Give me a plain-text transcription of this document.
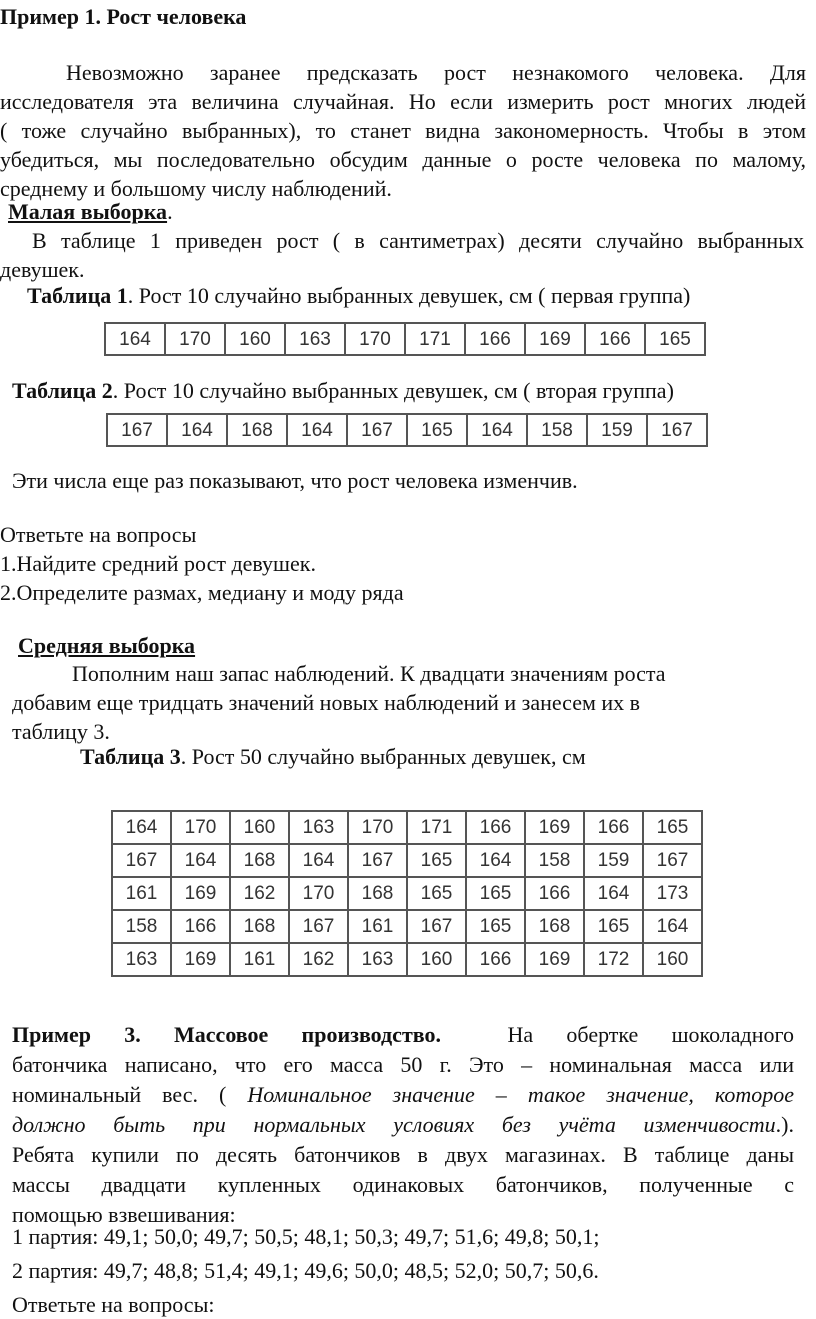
Пример 1. Рост человека
Невозможно заранее предсказать рост незнакомого человека. Для
исследователя эта величина случайная. Но если измерить рост многих людей
( тоже случайно выбранных), то станет видна закономерность. Чтобы в этом
убедиться, мы последовательно обсудим данные о росте человека по малому,
среднему и большому числу наблюдений.
Малая выборка.
В таблице 1 приведен рост ( в сантиметрах) десяти случайно выбранных
девушек.
Таблица 1. Рост 10 случайно выбранных девушек, см ( первая группа)
164	170	160	163	170	171	166	169	166	165
Таблица 2. Рост 10 случайно выбранных девушек, см ( вторая группа)
167	164	168	164	167	165	164	158	159	167
Эти числа еще раз показывают, что рост человека изменчив.
Ответьте на вопросы
1.Найдите средний рост девушек.
2.Определите размах, медиану и моду ряда
Средняя выборка
Пополним наш запас наблюдений. К двадцати значениям роста
добавим еще тридцать значений новых наблюдений и занесем их в
таблицу 3.
Таблица 3. Рост 50 случайно выбранных девушек, см
164	170	160	163	170	171	166	169	166	165
167	164	168	164	167	165	164	158	159	167
161	169	162	170	168	165	165	166	164	173
158	166	168	167	161	167	165	168	165	164
163	169	161	162	163	160	166	169	172	160
Пример 3. Массовое производство.	На обертке шоколадного
батончика написано, что его масса 50 г. Это – номинальная масса или
номинальный вес. ( Номинальное значение – такое значение, которое
должно быть при нормальных условиях без учёта изменчивости.).
Ребята купили по десять батончиков в двух магазинах. В таблице даны
массы двадцати купленных одинаковых батончиков, полученные с
помощью взвешивания:

1 партия: 49,1; 50,0; 49,7; 50,5; 48,1; 50,3; 49,7; 51,6; 49,8; 50,1;

2 партия: 49,7; 48,8; 51,4; 49,1; 49,6; 50,0; 48,5; 52,0; 50,7; 50,6.

Ответьте на вопросы:
